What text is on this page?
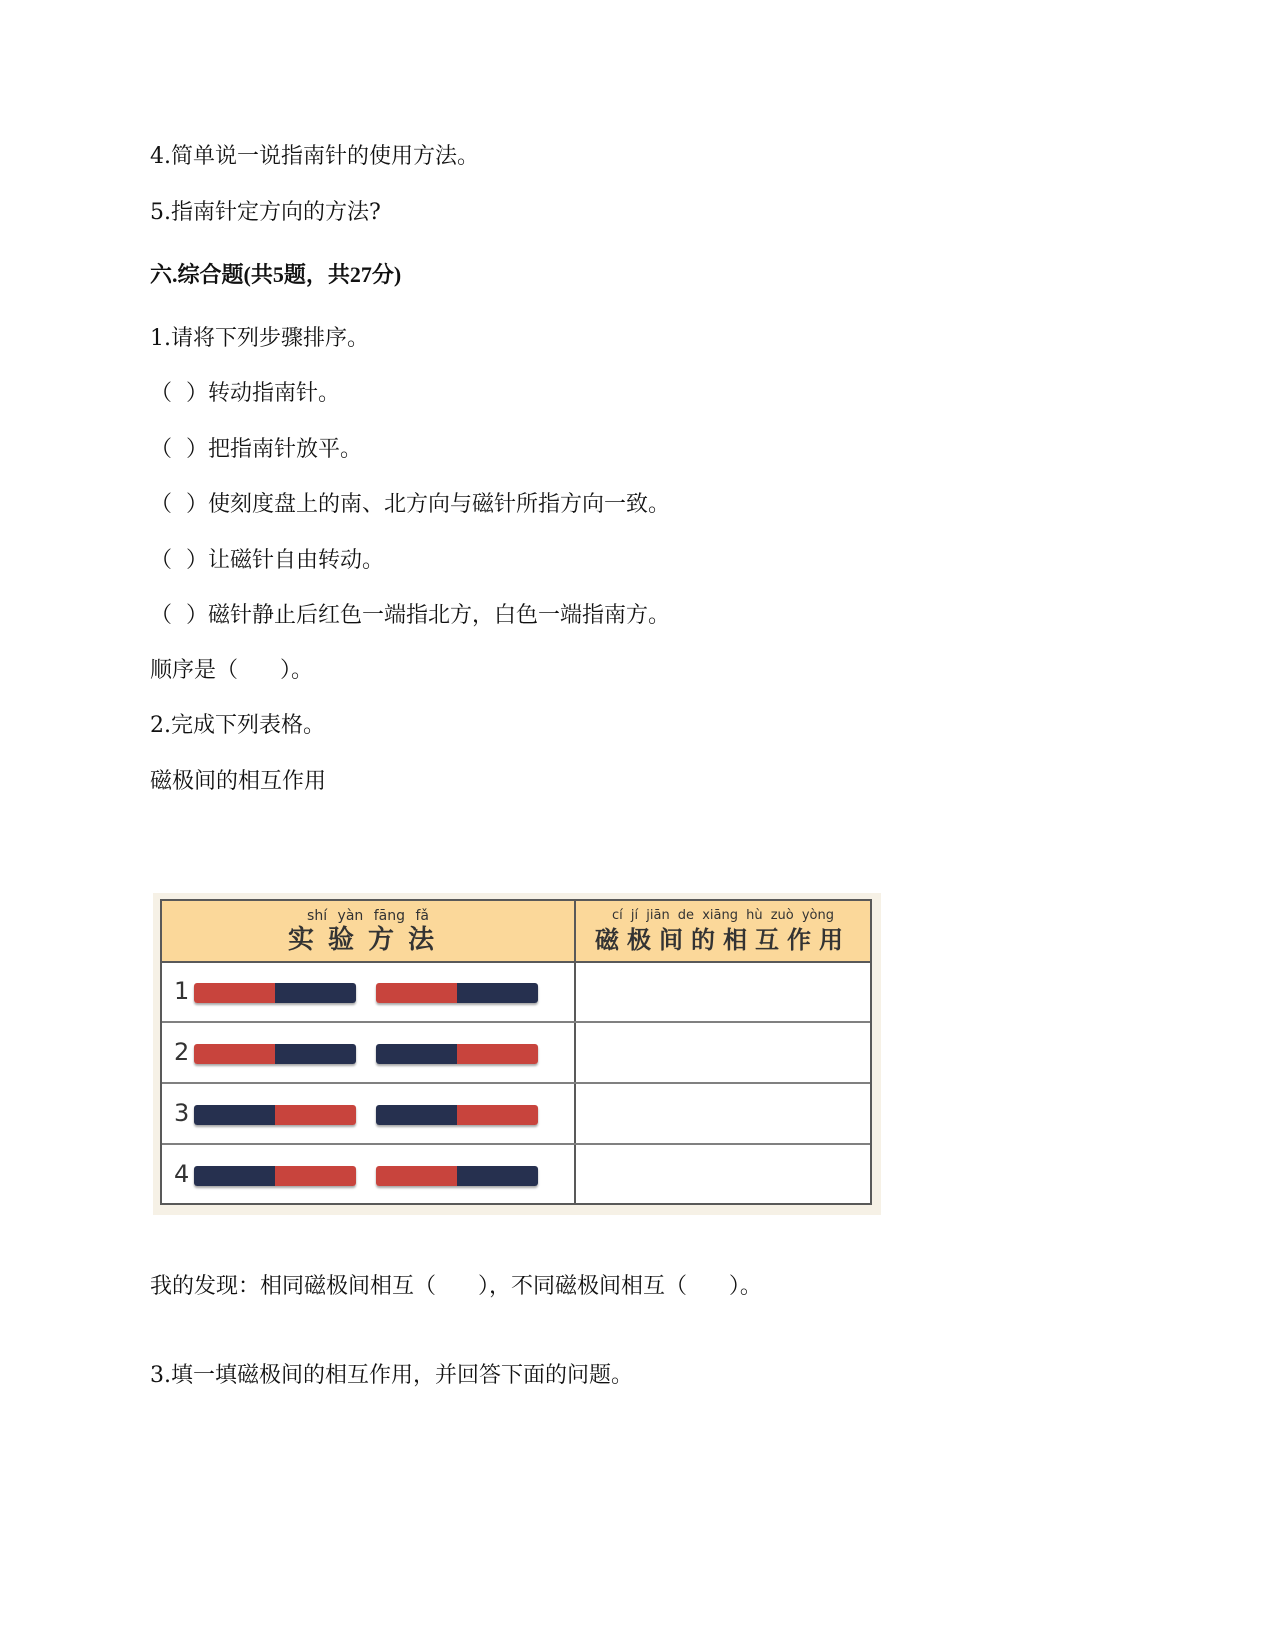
4.简单说一说指南针的使用方法。
5.指南针定方向的方法?
六.综合题(共5题，共27分)
1.请将下列步骤排序。
（  ）转动指南针。
（  ）把指南针放平。
（  ）使刻度盘上的南、北方向与磁针所指方向一致。
（  ）让磁针自由转动。
（  ）磁针静止后红色一端指北方，白色一端指南方。
顺序是（      ）。
2.完成下列表格。
磁极间的相互作用
shí yàn fāng fǎ
实验方法
cí jí jiān de xiāng hù zuò yòng
磁极间的相互作用
1
2
3
4
我的发现：相同磁极间相互（      ），不同磁极间相互（      ）。
3.填一填磁极间的相互作用，并回答下面的问题。
